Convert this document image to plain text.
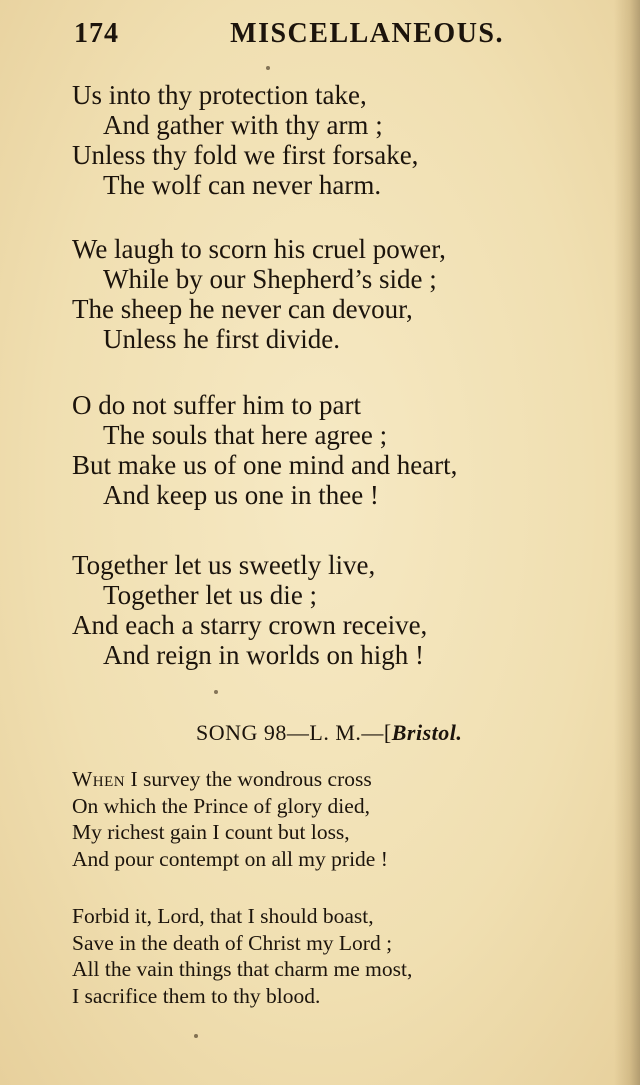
174	MISCELLANEOUS.
Us into thy protection take,
And gather with thy arm ;
Unless thy fold we first forsake,
The wolf can never harm.
We laugh to scorn his cruel power,
While by our Shepherd’s side ;
The sheep he never can devour,
Unless he first divide.
O do not suffer him to part
The souls that here agree ;
But make us of one mind and heart,
And keep us one in thee !
Together let us sweetly live,
Together let us die ;
And each a starry crown receive,
And reign in worlds on high !
SONG 98—L. M.—[Bristol.
When I survey the wondrous cross
On which the Prince of glory died,
My richest gain I count but loss,
And pour contempt on all my pride !
Forbid it, Lord, that I should boast,
Save in the death of Christ my Lord ;
All the vain things that charm me most,
I sacrifice them to thy blood.
